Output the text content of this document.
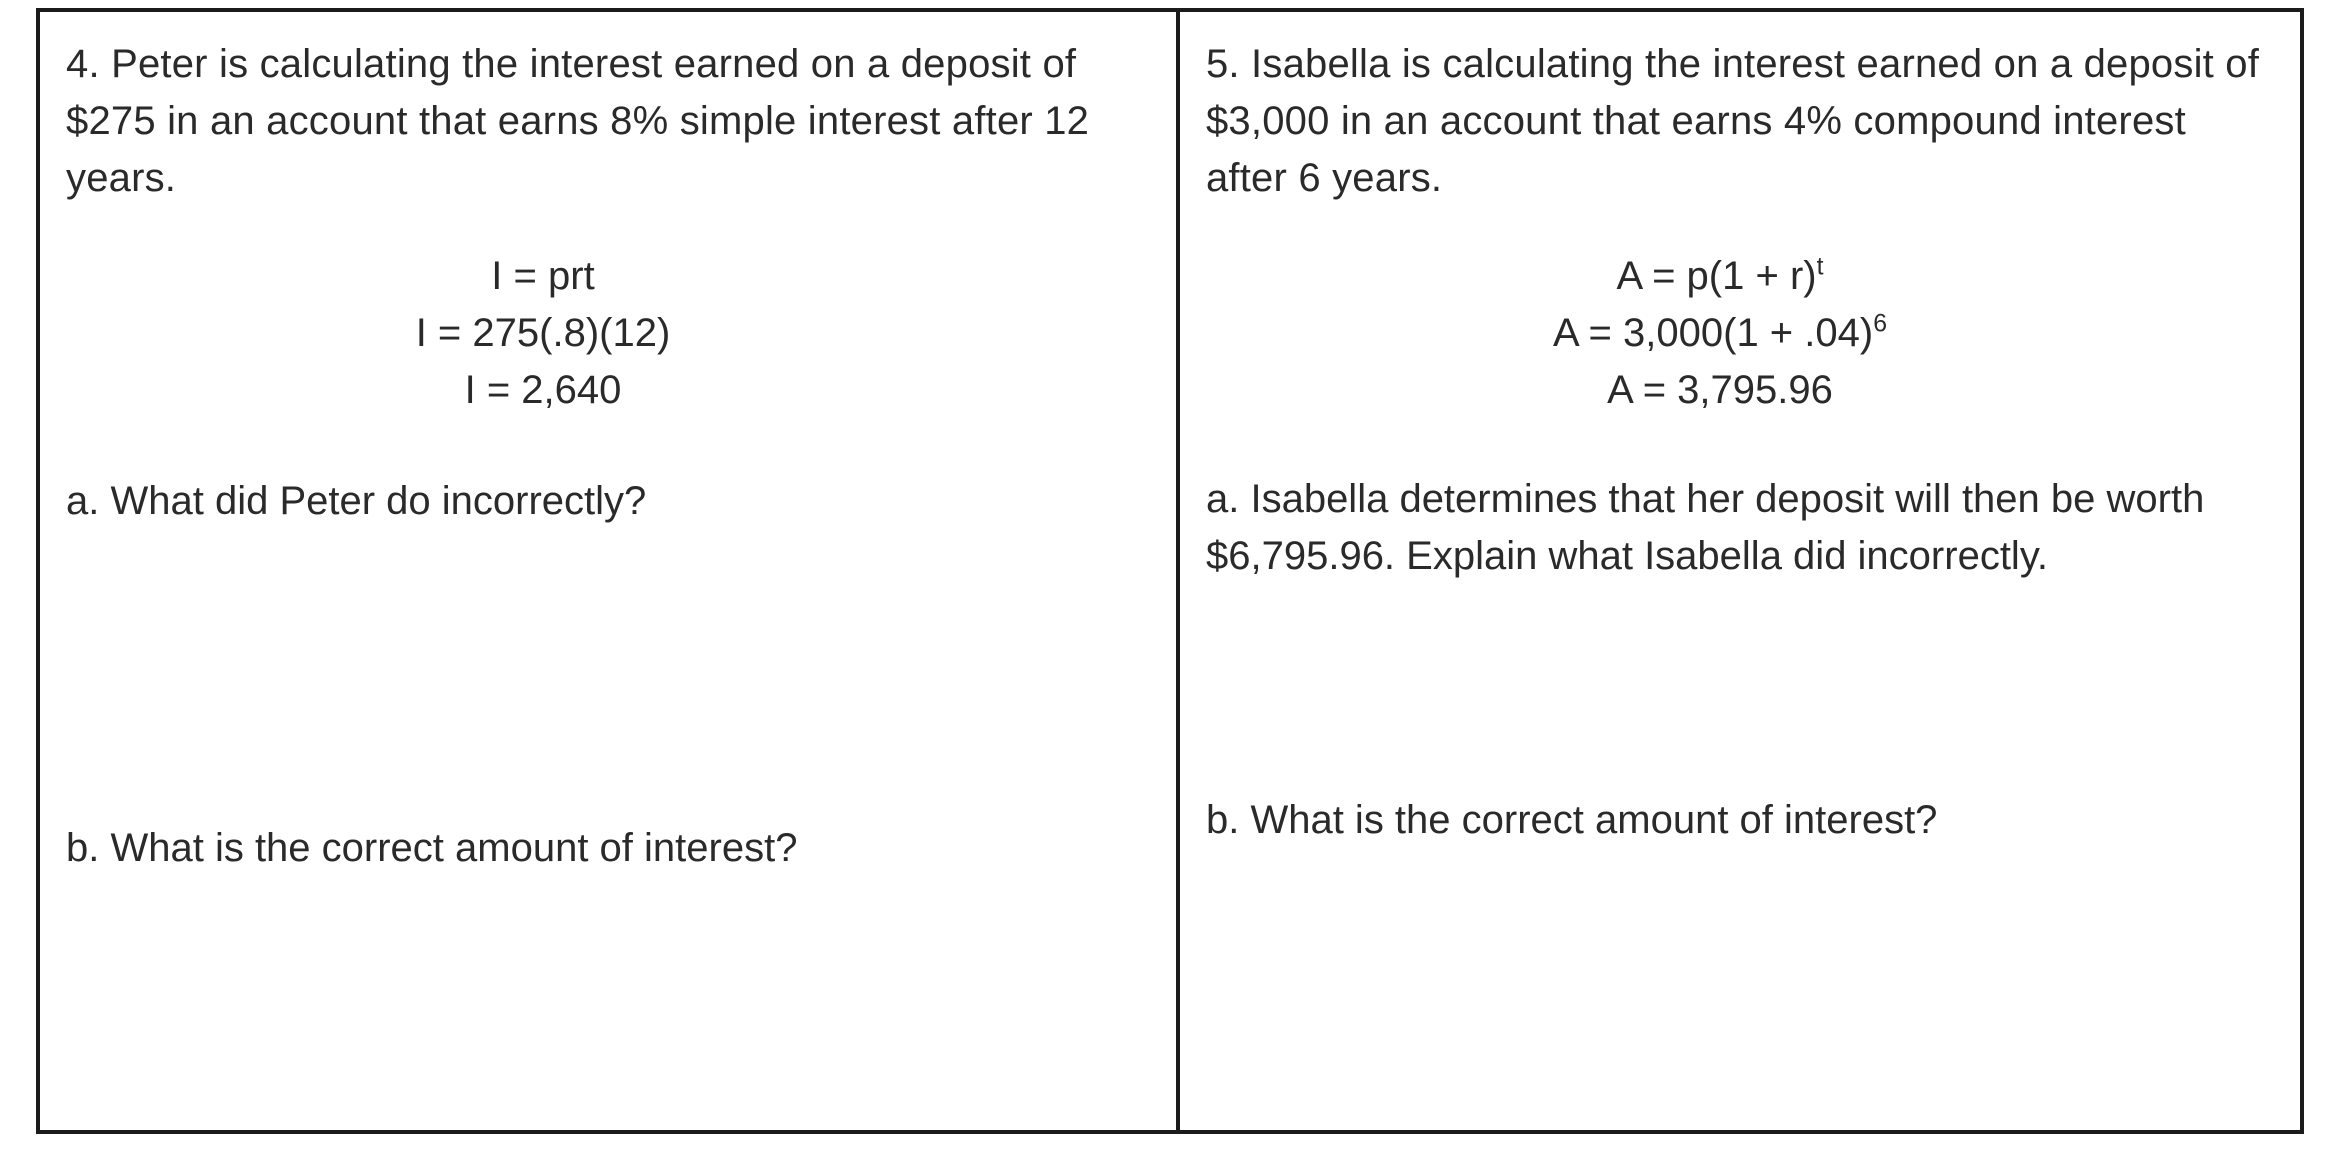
4. Peter is calculating the interest earned on a deposit of $275 in an account that earns 8% simple interest after 12 years.

I = prt
I = 275(.8)(12)
I = 2,640

a. What did Peter do incorrectly?

b. What is the correct amount of interest?

5. Isabella is calculating the interest earned on a deposit of $3,000 in an account that earns 4% compound interest after 6 years.

$A = p(1 + r)^t$
$A = 3,000(1 + .04)^6$
A = 3,795.96

a. Isabella determines that her deposit will then be worth $6,795.96. Explain what Isabella did incorrectly.

b. What is the correct amount of interest?
